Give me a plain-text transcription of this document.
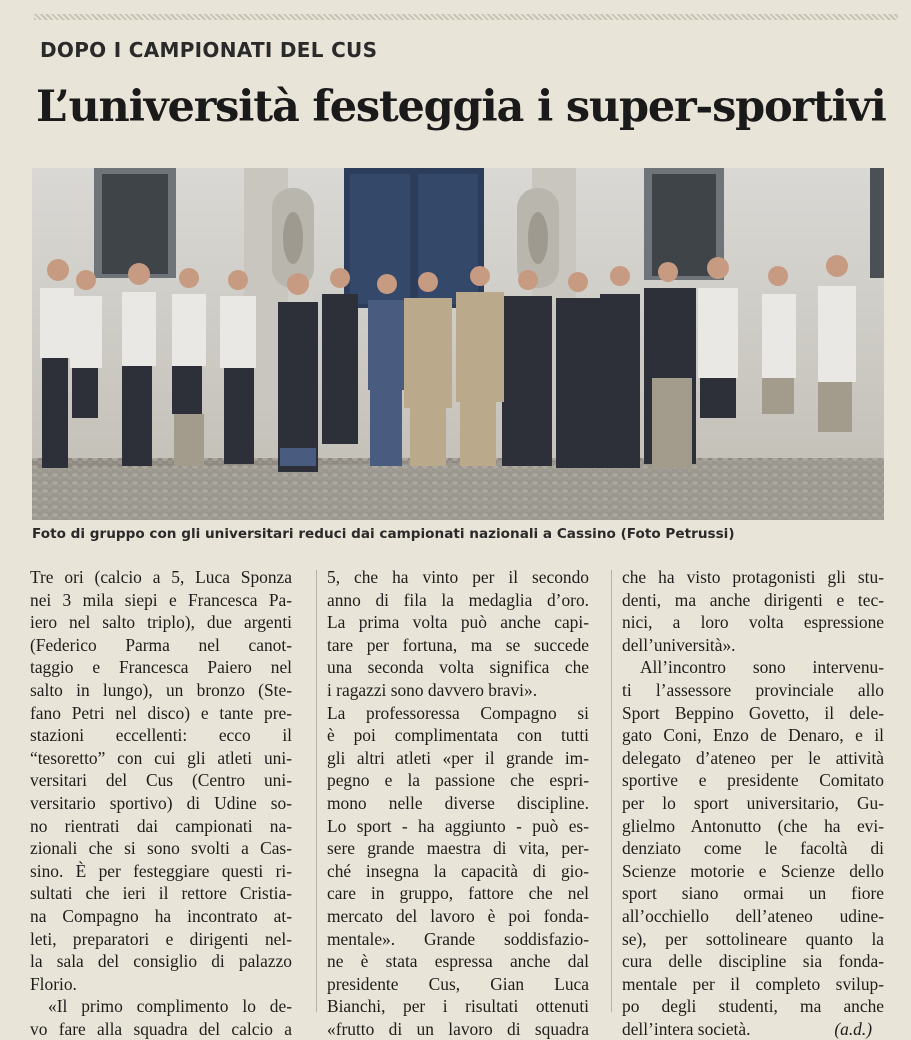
DOPO I CAMPIONATI DEL CUS
L’università festeggia i super-sportivi
Foto di gruppo con gli universitari reduci dai campionati nazionali a Cassino (Foto Petrussi)
Tre ori (calcio a 5, Luca Sponza
nei 3 mila siepi e Francesca Pa-
iero nel salto triplo), due argenti
(Federico Parma nel canot-
taggio e Francesca Paiero nel
salto in lungo), un bronzo (Ste-
fano Petri nel disco) e tante pre-
stazioni eccellenti: ecco il
“tesoretto” con cui gli atleti uni-
versitari del Cus (Centro uni-
versitario sportivo) di Udine so-
no rientrati dai campionati na-
zionali che si sono svolti a Cas-
sino. È per festeggiare questi ri-
sultati che ieri il rettore Cristia-
na Compagno ha incontrato at-
leti, preparatori e dirigenti nel-
la sala del consiglio di palazzo
Florio.
«Il primo complimento lo de-
vo fare alla squadra del calcio a
5, che ha vinto per il secondo
anno di fila la medaglia d’oro.
La prima volta può anche capi-
tare per fortuna, ma se succede
una seconda volta significa che
i ragazzi sono davvero bravi».
La professoressa Compagno si
è poi complimentata con tutti
gli altri atleti «per il grande im-
pegno e la passione che espri-
mono nelle diverse discipline.
Lo sport - ha aggiunto - può es-
sere grande maestra di vita, per-
ché insegna la capacità di gio-
care in gruppo, fattore che nel
mercato del lavoro è poi fonda-
mentale». Grande soddisfazio-
ne è stata espressa anche dal
presidente Cus, Gian Luca
Bianchi, per i risultati ottenuti
«frutto di un lavoro di squadra
che ha visto protagonisti gli stu-
denti, ma anche dirigenti e tec-
nici, a loro volta espressione
dell’università».
All’incontro sono intervenu-
ti l’assessore provinciale allo
Sport Beppino Govetto, il dele-
gato Coni, Enzo de Denaro, e il
delegato d’ateneo per le attività
sportive e presidente Comitato
per lo sport universitario, Gu-
glielmo Antonutto (che ha evi-
denziato come le facoltà di
Scienze motorie e Scienze dello
sport siano ormai un fiore
all’occhiello dell’ateneo udine-
se), per sottolineare quanto la
cura delle discipline sia fonda-
mentale per il completo svilup-
po degli studenti, ma anche
dell’intera società.	(a.d.)
